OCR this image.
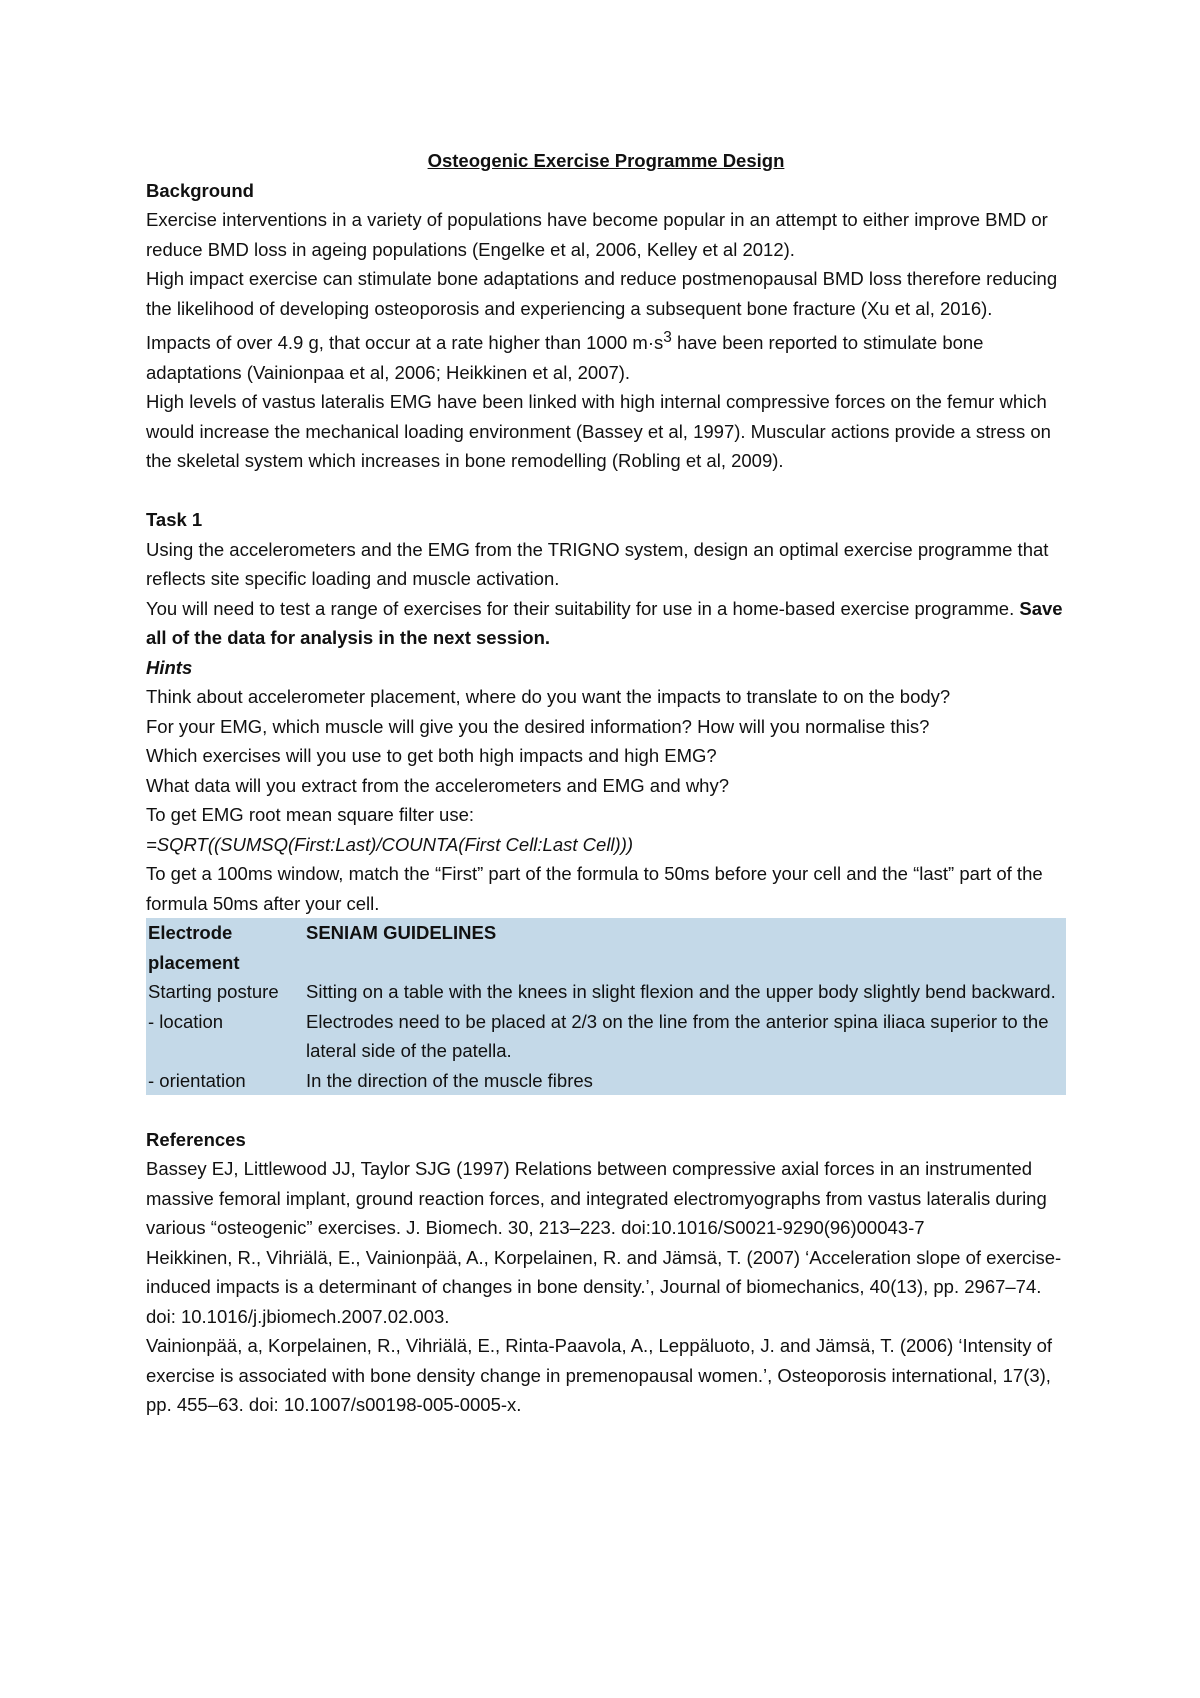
Osteogenic Exercise Programme Design

Background

Exercise interventions in a variety of populations have become popular in an attempt to either improve BMD or reduce BMD loss in ageing populations (Engelke et al, 2006, Kelley et al 2012).

High impact exercise can stimulate bone adaptations and reduce postmenopausal BMD loss therefore reducing the likelihood of developing osteoporosis and experiencing a subsequent bone fracture (Xu et al, 2016).

Impacts of over 4.9 g, that occur at a rate higher than 1000 $m\cdot s^3$ have been reported to stimulate bone adaptations (Vainionpaa et al, 2006; Heikkinen et al, 2007).

High levels of vastus lateralis EMG have been linked with high internal compressive forces on the femur which would increase the mechanical loading environment (Bassey et al, 1997). Muscular actions provide a stress on the skeletal system which increases in bone remodelling (Robling et al, 2009).

Task 1

Using the accelerometers and the EMG from the TRIGNO system, design an optimal exercise programme that reflects site specific loading and muscle activation.

You will need to test a range of exercises for their suitability for use in a home-based exercise programme. Save all of the data for analysis in the next session.

Hints

Think about accelerometer placement, where do you want the impacts to translate to on the body?

For your EMG, which muscle will give you the desired information? How will you normalise this?

Which exercises will you use to get both high impacts and high EMG?

What data will you extract from the accelerometers and EMG and why?

To get EMG root mean square filter use:

=SQRT((SUMSQ(First:Last)/COUNTA(First Cell:Last Cell)))

To get a 100ms window, match the “First” part of the formula to 50ms before your cell and the “last” part of the formula 50ms after your cell.

Electrode placement	SENIAM GUIDELINES
Starting posture	Sitting on a table with the knees in slight flexion and the upper body slightly bend backward.
- location	Electrodes need to be placed at 2/3 on the line from the anterior spina iliaca superior to the lateral side of the patella.
- orientation	In the direction of the muscle fibres

References

Bassey EJ, Littlewood JJ, Taylor SJG (1997) Relations between compressive axial forces in an instrumented massive femoral implant, ground reaction forces, and integrated electromyographs from vastus lateralis during various “osteogenic” exercises. J. Biomech. 30, 213–223. doi:10.1016/S0021-9290(96)00043-7

Heikkinen, R., Vihriälä, E., Vainionpää, A., Korpelainen, R. and Jämsä, T. (2007) ‘Acceleration slope of exercise-induced impacts is a determinant of changes in bone density.’, Journal of biomechanics, 40(13), pp. 2967–74. doi: 10.1016/j.jbiomech.2007.02.003.

Vainionpää, a, Korpelainen, R., Vihriälä, E., Rinta-Paavola, A., Leppäluoto, J. and Jämsä, T. (2006) ‘Intensity of exercise is associated with bone density change in premenopausal women.’, Osteoporosis international, 17(3), pp. 455–63. doi: 10.1007/s00198-005-0005-x.
